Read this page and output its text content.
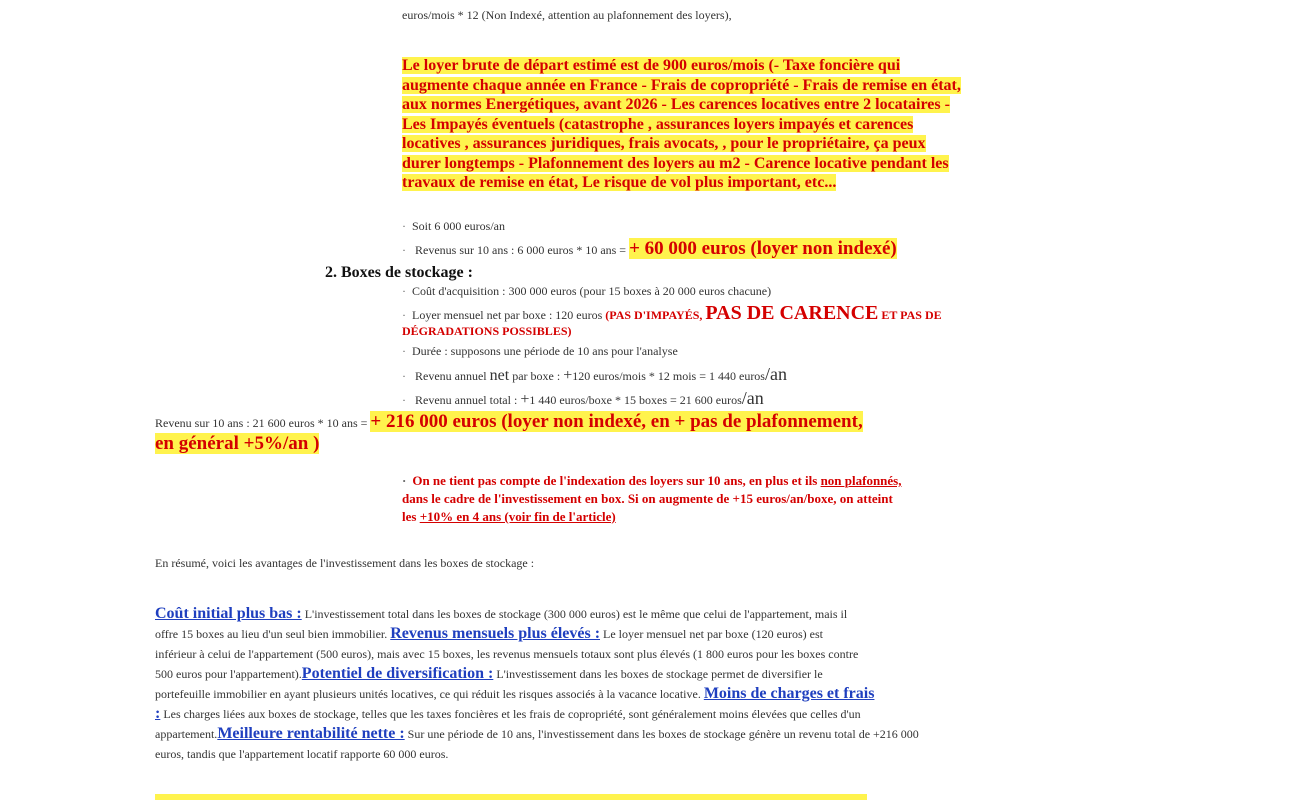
euros/mois * 12 (Non Indexé, attention au plafonnement des loyers),

Le loyer brute de départ estimé est de 900 euros/mois (- Taxe foncière qui
augmente chaque année en France - Frais de copropriété - Frais de remise en état,
aux normes Energétiques, avant 2026 - Les carences locatives entre 2 locataires -
Les Impayés éventuels (catastrophe , assurances loyers impayés et carences
locatives , assurances juridiques, frais avocats, , pour le propriétaire, ça peux
durer longtemps - Plafonnement des loyers au m2 - Carence locative pendant les
travaux de remise en état, Le risque de vol plus important, etc...

· Soit 6 000 euros/an

· Revenus sur 10 ans : 6 000 euros * 10 ans = + 60 000 euros (loyer non indexé)

2. Boxes de stockage :

· Coût d'acquisition : 300 000 euros (pour 15 boxes à 20 000 euros chacune)

· Loyer mensuel net par boxe : 120 euros (PAS D'IMPAYÉS, PAS DE CARENCE ET PAS DE
DÉGRADATIONS POSSIBLES)

· Durée : supposons une période de 10 ans pour l'analyse

· Revenu annuel net par boxe : +120 euros/mois * 12 mois = 1 440 euros/an

· Revenu annuel total : +1 440 euros/boxe * 15 boxes = 21 600 euros/an

Revenu sur 10 ans : 21 600 euros * 10 ans = + 216 000 euros (loyer non indexé, en + pas de plafonnement,
en général +5%/an )
· On ne tient pas compte de l'indexation des loyers sur 10 ans, en plus et ils non plafonnés,
dans le cadre de l'investissement en box. Si on augmente de +15 euros/an/boxe, on atteint
les +10% en 4 ans (voir fin de l'article)

En résumé, voici les avantages de l'investissement dans les boxes de stockage :

Coût initial plus bas : L'investissement total dans les boxes de stockage (300 000 euros) est le même que celui de l'appartement, mais il
offre 15 boxes au lieu d'un seul bien immobilier. Revenus mensuels plus élevés : Le loyer mensuel net par boxe (120 euros) est
inférieur à celui de l'appartement (500 euros), mais avec 15 boxes, les revenus mensuels totaux sont plus élevés (1 800 euros pour les boxes contre
500 euros pour l'appartement).Potentiel de diversification : L'investissement dans les boxes de stockage permet de diversifier le
portefeuille immobilier en ayant plusieurs unités locatives, ce qui réduit les risques associés à la vacance locative. Moins de charges et frais
: Les charges liées aux boxes de stockage, telles que les taxes foncières et les frais de copropriété, sont généralement moins élevées que celles d'un
appartement.Meilleure rentabilité nette : Sur une période de 10 ans, l'investissement dans les boxes de stockage génère un revenu total de +216 000
euros, tandis que l'appartement locatif rapporte 60 000 euros.
